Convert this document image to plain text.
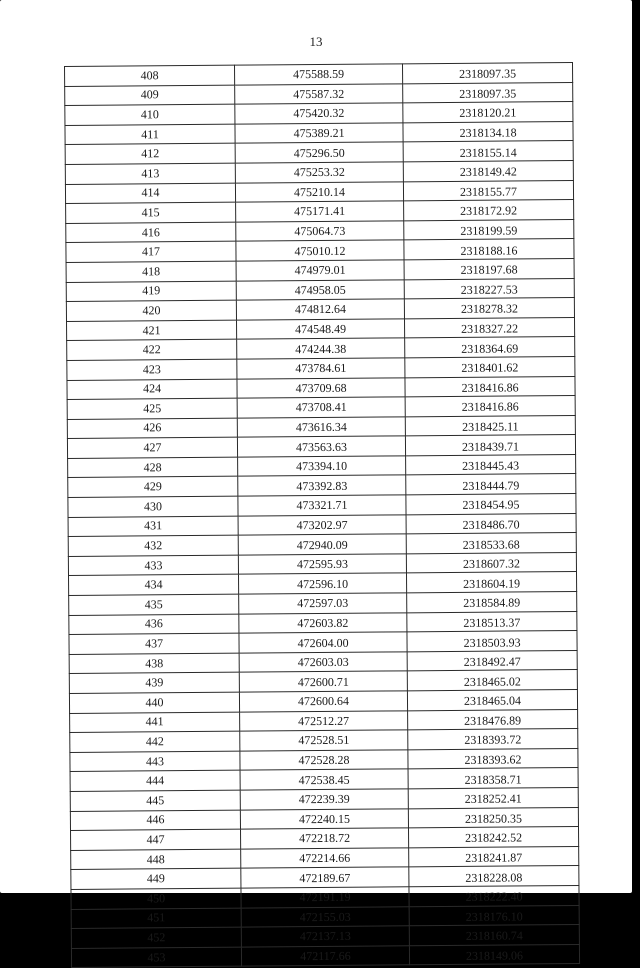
13
408	475588.59	2318097.35
409	475587.32	2318097.35
410	475420.32	2318120.21
411	475389.21	2318134.18
412	475296.50	2318155.14
413	475253.32	2318149.42
414	475210.14	2318155.77
415	475171.41	2318172.92
416	475064.73	2318199.59
417	475010.12	2318188.16
418	474979.01	2318197.68
419	474958.05	2318227.53
420	474812.64	2318278.32
421	474548.49	2318327.22
422	474244.38	2318364.69
423	473784.61	2318401.62
424	473709.68	2318416.86
425	473708.41	2318416.86
426	473616.34	2318425.11
427	473563.63	2318439.71
428	473394.10	2318445.43
429	473392.83	2318444.79
430	473321.71	2318454.95
431	473202.97	2318486.70
432	472940.09	2318533.68
433	472595.93	2318607.32
434	472596.10	2318604.19
435	472597.03	2318584.89
436	472603.82	2318513.37
437	472604.00	2318503.93
438	472603.03	2318492.47
439	472600.71	2318465.02
440	472600.64	2318465.04
441	472512.27	2318476.89
442	472528.51	2318393.72
443	472528.28	2318393.62
444	472538.45	2318358.71
445	472239.39	2318252.41
446	472240.15	2318250.35
447	472218.72	2318242.52
448	472214.66	2318241.87
449	472189.67	2318228.08
450	472191.19	2318222.40
451	472155.03	2318176.10
452	472137.13	2318160.74
453	472117.66	2318149.06
